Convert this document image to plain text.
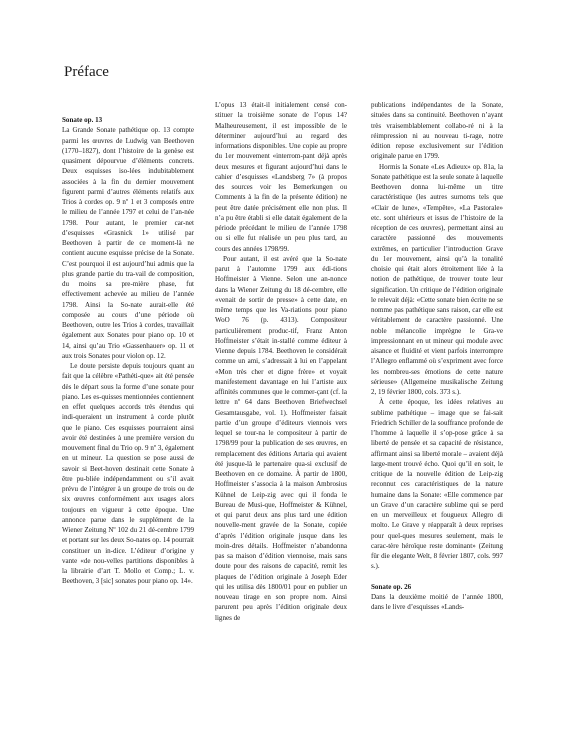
Préface

Sonate op. 13

La Grande Sonate pathétique op. 13 compte parmi les œuvres de Ludwig van Beethoven (1770–1827), dont l’histoire de la genèse est quasiment dépourvue d’éléments concrets. Deux esquisses iso-lées indubitablement associées à la fin du dernier mouvement figurent parmi d’autres éléments relatifs aux Trios à cordes op. 9 nº 1 et 3 composés entre le milieu de l’année 1797 et celui de l’an-née 1798. Pour autant, le premier car-net d’esquisses «Grasnick 1» utilisé par Beethoven à partir de ce moment-là ne contient aucune esquisse précise de la Sonate. C’est pourquoi il est aujourd’hui admis que la plus grande partie du tra-vail de composition, du moins sa pre-mière phase, fut effectivement achevée au milieu de l’année 1798. Ainsi la So-nate aurait-elle été composée au cours d’une période où Beethoven, outre les Trios à cordes, travaillait également aux Sonates pour piano op. 10 et 14, ainsi qu’au Trio «Gassenhauer» op. 11 et aux trois Sonates pour violon op. 12.

Le doute persiste depuis toujours quant au fait que la célèbre «Pathéti-que» ait été pensée dès le départ sous la forme d’une sonate pour piano. Les es-quisses mentionnées contiennent en effet quelques accords très étendus qui indi-queraient un instrument à corde plutôt que le piano. Ces esquisses pourraient ainsi avoir été destinées à une première version du mouvement final du Trio op. 9 nº 3, également en ut mineur. La question se pose aussi de savoir si Beet-hoven destinait cette Sonate à être pu-bliée indépendamment ou s’il avait prévu de l’intégrer à un groupe de trois ou de six œuvres conformément aux usages alors toujours en vigueur à cette époque. Une annonce parue dans le supplément de la Wiener Zeitung Nº 102 du 21 dé-cembre 1799 et portant sur les deux So-nates op. 14 pourrait constituer un in-dice. L’éditeur d’origine y vante «de nou-velles partitions disponibles à la librairie d’art T. Mollo et Comp.; L. v. Beethoven, 3 [sic] sonates pour piano op. 14».

L’opus 13 était-il initialement censé con-stituer la troisième sonate de l’opus 14? Malheureusement, il est impossible de le déterminer aujourd’hui au regard des informations disponibles. Une copie au propre du 1er mouvement «interrom-pant déjà après deux mesures et figurant aujourd’hui dans le cahier d’esquisses «Landsberg 7» (à propos des sources voir les Bemerkungen ou Comments à la fin de la présente édition) ne peut être datée précisément elle non plus. Il n’a pu être établi si elle datait également de la période précédant le milieu de l’année 1798 ou si elle fut réalisée un peu plus tard, au cours des années 1798/99.

Pour autant, il est avéré que la So-nate parut à l’automne 1799 aux édi-tions Hoffmeister à Vienne. Selon une an-nonce dans la Wiener Zeitung du 18 dé-cembre, elle «venait de sortir de presse» à cette date, en même temps que les Va-riations pour piano WoO 76 (p. 4313). Compositeur particulièrement produc-tif, Franz Anton Hoffmeister s’était in-stallé comme éditeur à Vienne depuis 1784. Beethoven le considérait comme un ami, s’adressait à lui en l’appelant «Mon très cher et digne frère» et voyait manifestement davantage en lui l’artiste aux affinités communes que le commer-çant (cf. la lettre nº 64 dans Beethoven Briefwechsel Gesamtausgabe, vol. 1). Hoffmeister faisait partie d’un groupe d’éditeurs viennois vers lequel se tour-na le compositeur à partir de 1798/99 pour la publication de ses œuvres, en remplacement des éditions Artaria qui avaient été jusque-là le partenaire qua-si exclusif de Beethoven en ce domaine. À partir de 1800, Hoffmeister s’associa à la maison Ambrosius Kühnel de Leip-zig avec qui il fonda le Bureau de Musi-que, Hoffmeister & Kühnel, et qui parut deux ans plus tard une édition nouvelle-ment gravée de la Sonate, copiée d’après l’édition originale jusque dans les moin-dres détails. Hoffmeister n’abandonna pas sa maison d’édition viennoise, mais sans doute pour des raisons de capacité, remit les plaques de l’édition originale à Joseph Eder qui les utilisa dès 1800/01 pour en publier un nouveau tirage en son propre nom. Ainsi parurent peu après l’édition originale deux lignes de

publications indépendantes de la Sonate, situées dans sa continuité. Beethoven n’ayant très vraisemblablement collabo-ré ni à la réimpression ni au nouveau ti-rage, notre édition repose exclusivement sur l’édition originale parue en 1799.

Hormis la Sonate «Les Adieux» op. 81a, la Sonate pathétique est la seule sonate à laquelle Beethoven donna lui-même un titre caractéristique (les autres surnoms tels que «Clair de lune», «Tempête», «La Pastorale» etc. sont ultérieurs et issus de l’histoire de la réception de ces œuvres), permettant ainsi au caractère passionné des mouvements extrêmes, en particulier l’introduction Grave du 1er mouvement, ainsi qu’à la tonalité choisie qui était alors étroitement liée à la notion de pathétique, de trouver toute leur signification. Un critique de l’édition originale le relevait déjà: «Cette sonate bien écrite ne se nomme pas pathétique sans raison, car elle est véritablement de caractère passionné. Une noble mélancolie imprègne le Gra-ve impressionnant en ut mineur qui module avec aisance et fluidité et vient parfois interrompre l’Allegro enflammé où s’expriment avec force les nombreu-ses émotions de cette nature sérieuse» (Allgemeine musikalische Zeitung 2, 19 février 1800, cols. 373 s.).

À cette époque, les idées relatives au sublime pathétique – image que se fai-sait Friedrich Schiller de la souffrance profonde de l’homme à laquelle il s’op-pose grâce à sa liberté de pensée et sa capacité de résistance, affirmant ainsi sa liberté morale – avaient déjà large-ment trouvé écho. Quoi qu’il en soit, le critique de la nouvelle édition de Leip-zig reconnut ces caractéristiques de la nature humaine dans la Sonate: «Elle commence par un Grave d’un caractère sublime qui se perd en un merveilleux et fougueux Allegro di molto. Le Grave y réapparaît à deux reprises pour quel-ques mesures seulement, mais le carac-tère héroïque reste dominant» (Zeitung für die elegante Welt, 8 février 1807, cols. 997 s.).

Sonate op. 26

Dans la deuxième moitié de l’année 1800, dans le livre d’esquisses «Lands-
